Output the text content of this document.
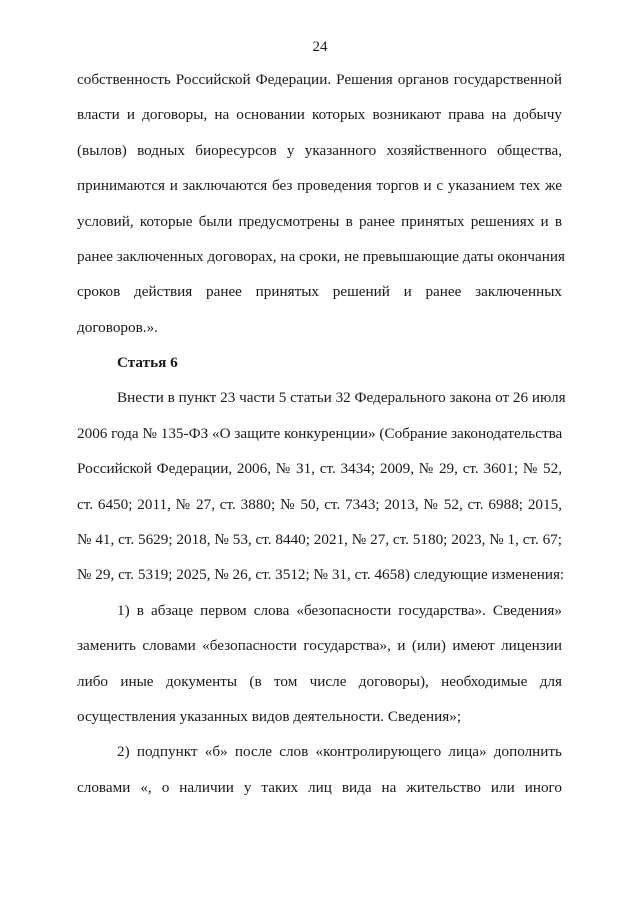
24
собственность Российской Федерации. Решения органов государственной
власти и договоры, на основании которых возникают права на добычу
(вылов) водных биоресурсов у указанного хозяйственного общества,
принимаются и заключаются без проведения торгов и с указанием тех же
условий, которые были предусмотрены в ранее принятых решениях и в
ранее заключенных договорах, на сроки, не превышающие даты окончания
сроков действия ранее принятых решений и ранее заключенных
договоров.».
Статья 6
Внести в пункт 23 части 5 статьи 32 Федерального закона от 26 июля
2006 года № 135-ФЗ «О защите конкуренции» (Собрание законодательства
Российской Федерации, 2006, № 31, ст. 3434; 2009, № 29, ст. 3601; № 52,
ст. 6450; 2011, № 27, ст. 3880; № 50, ст. 7343; 2013, № 52, ст. 6988; 2015,
№ 41, ст. 5629; 2018, № 53, ст. 8440; 2021, № 27, ст. 5180; 2023, № 1, ст. 67;
№ 29, ст. 5319; 2025, № 26, ст. 3512; № 31, ст. 4658) следующие изменения:
1) в абзаце первом слова «безопасности государства». Сведения»
заменить словами «безопасности государства», и (или) имеют лицензии
либо иные документы (в том числе договоры), необходимые для
осуществления указанных видов деятельности. Сведения»;
2) подпункт «б» после слов «контролирующего лица» дополнить
словами «, о наличии у таких лиц вида на жительство или иного
